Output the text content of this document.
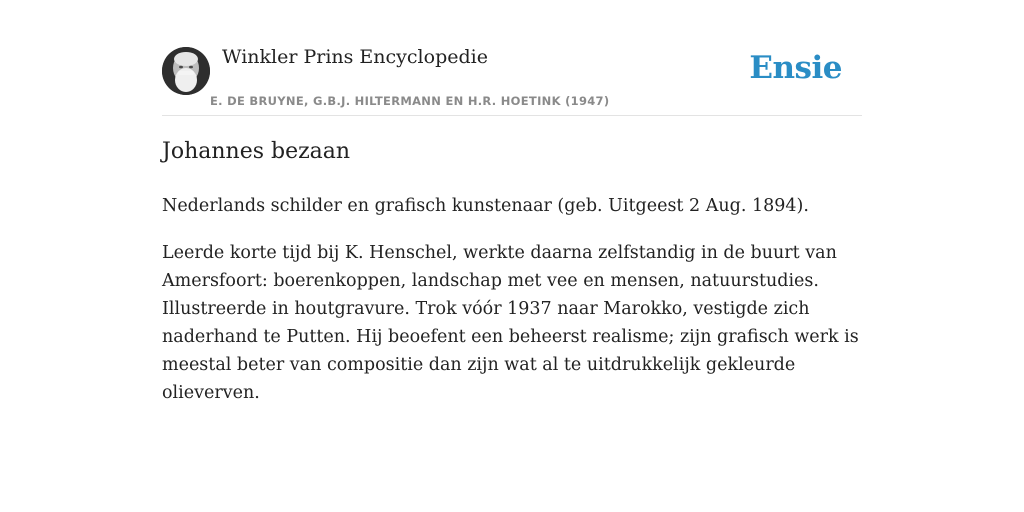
Winkler Prins Encyclopedie
E. DE BRUYNE, G.B.J. HILTERMANN EN H.R. HOETINK (1947)
Ensie
Johannes bezaan

Nederlands schilder en grafisch kunstenaar (geb. Uitgeest 2 Aug. 1894).

Leerde korte tijd bij K. Henschel, werkte daarna zelfstandig in de buurt van Amersfoort: boerenkoppen, landschap met vee en mensen, natuurstudies. Illustreerde in houtgravure. Trok vóór 1937 naar Marokko, vestigde zich naderhand te Putten. Hij beoefent een beheerst realisme; zijn grafisch werk is meestal beter van compositie dan zijn wat al te uitdrukkelijk gekleurde olieverven.
